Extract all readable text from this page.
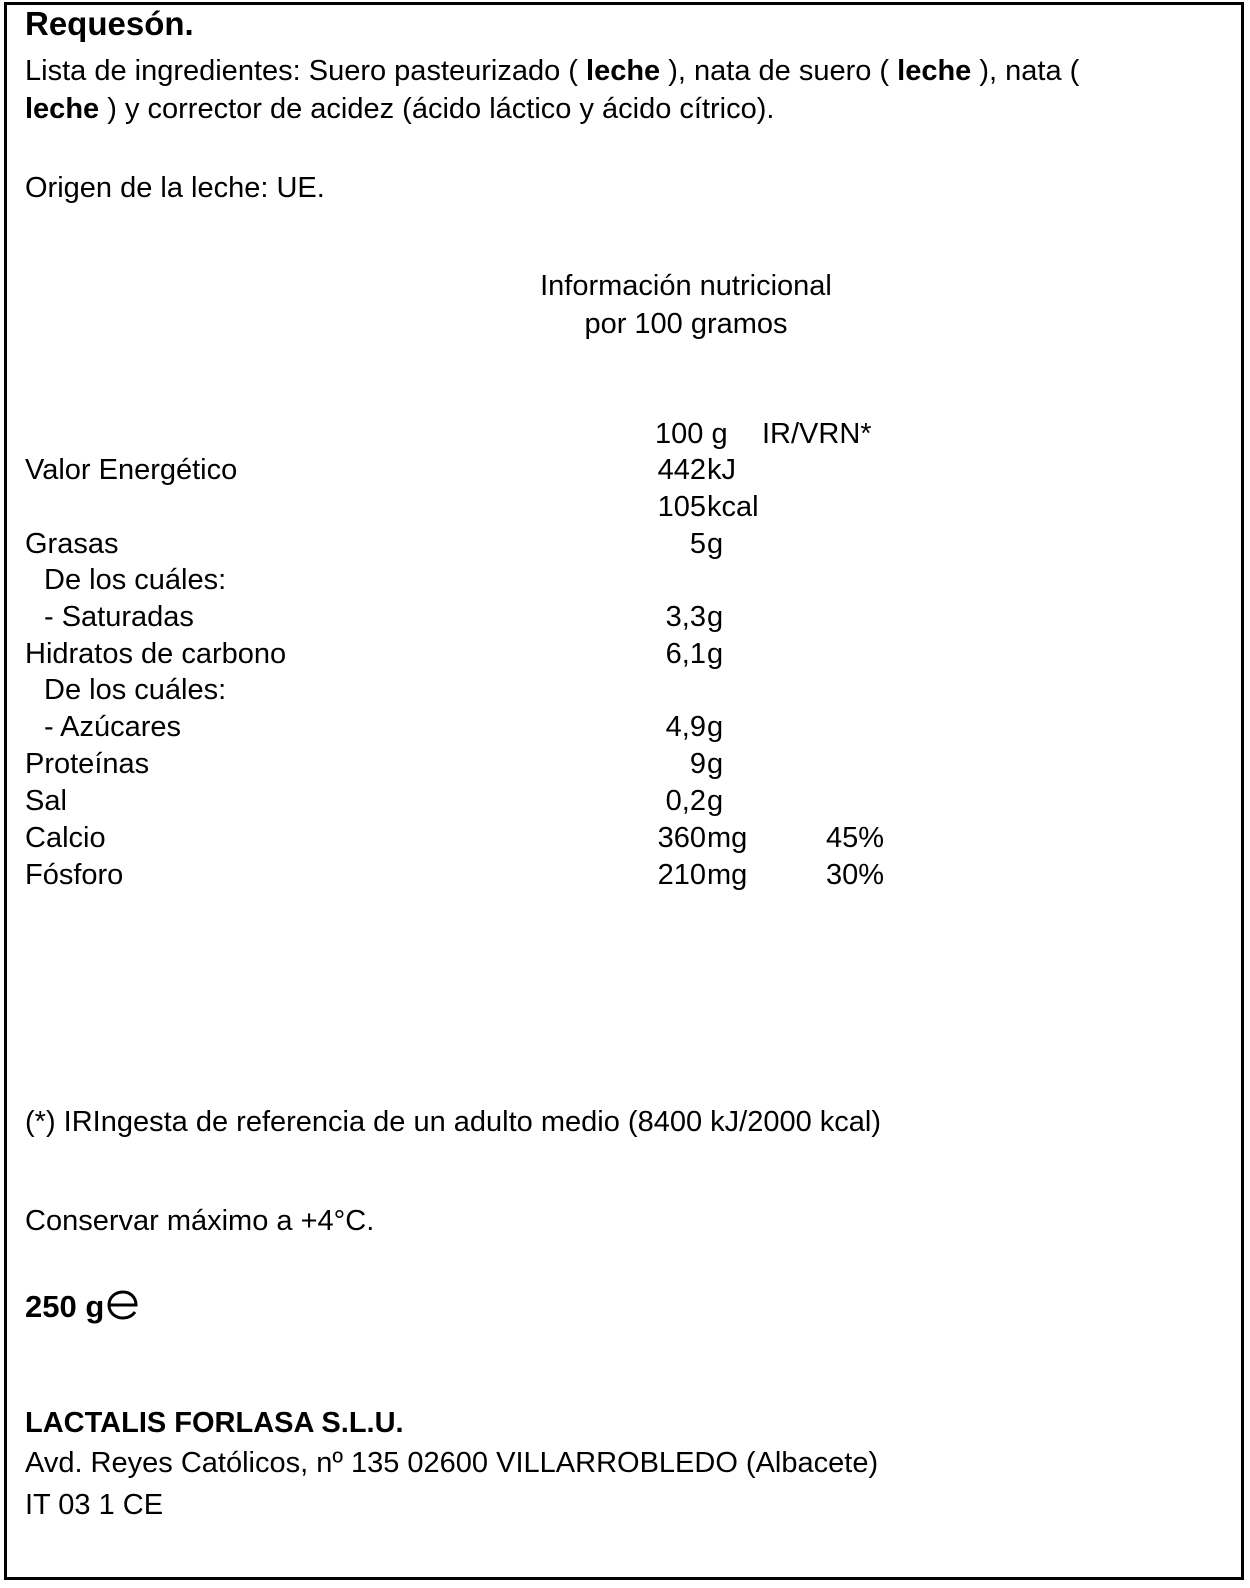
Requesón.
Lista de ingredientes: Suero pasteurizado ( leche ), nata de suero ( leche ), nata (
leche ) y corrector de acidez (ácido láctico y ácido cítrico).
Origen de la leche: UE.
Información nutricional
por 100 gramos
100 g IR/VRN*
Valor Energético	442 kJ
105 kcal
Grasas	5 g
De los cuáles:
- Saturadas	3,3 g
Hidratos de carbono	6,1 g
De los cuáles:
- Azúcares	4,9 g
Proteínas	9 g
Sal	0,2 g
Calcio	360 mg	45%
Fósforo	210 mg	30%
(*) IRIngesta de referencia de un adulto medio (8400 kJ/2000 kcal)
Conservar máximo a +4°C.
250 g
LACTALIS FORLASA S.L.U.
Avd. Reyes Católicos, nº 135 02600 VILLARROBLEDO (Albacete)
IT 03 1 CE
